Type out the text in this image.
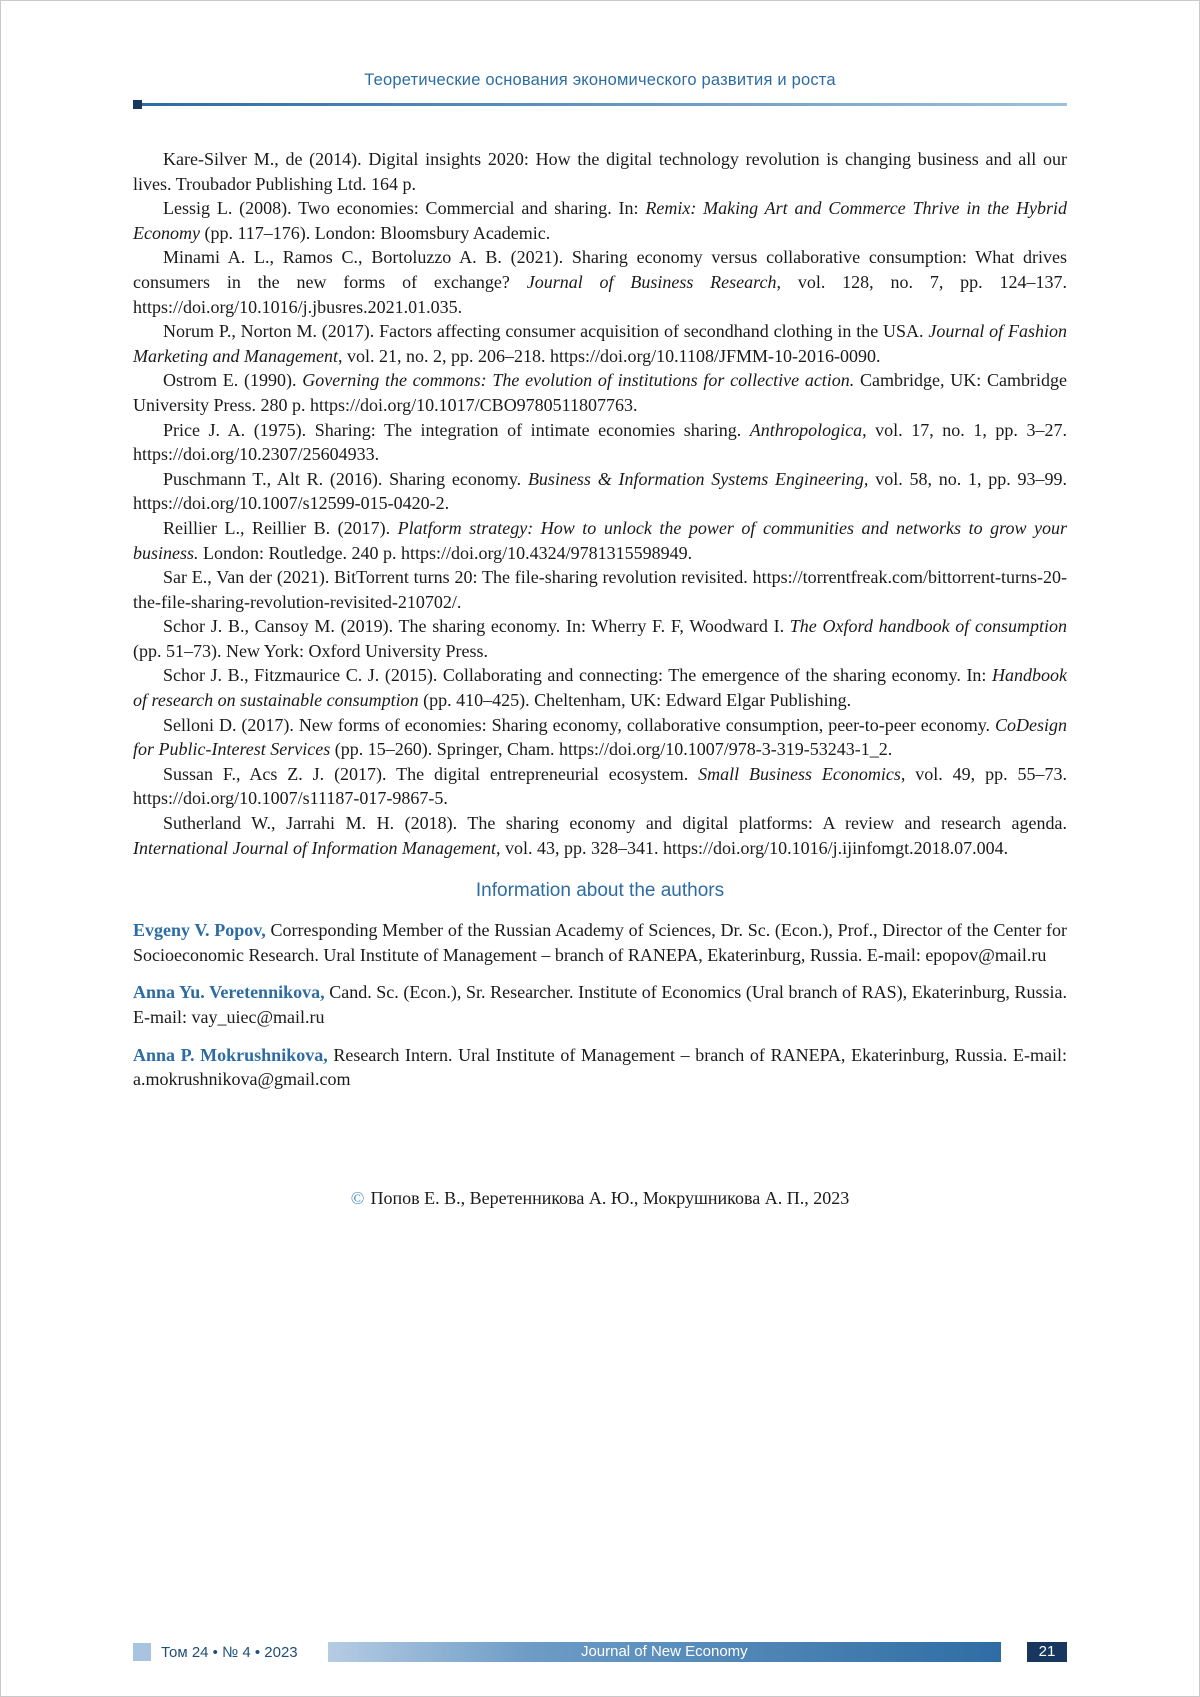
Теоретические основания экономического развития и роста

Kare-Silver M., de (2014). Digital insights 2020: How the digital technology revolution is changing business and all our lives. Troubador Publishing Ltd. 164 p.

Lessig L. (2008). Two economies: Commercial and sharing. In: Remix: Making Art and Commerce Thrive in the Hybrid Economy (pp. 117–176). London: Bloomsbury Academic.

Minami A. L., Ramos C., Bortoluzzo A. B. (2021). Sharing economy versus collaborative consumption: What drives consumers in the new forms of exchange? Journal of Business Research, vol. 128, no. 7, pp. 124–137. https://doi.org/10.1016/j.jbusres.2021.01.035.

Norum P., Norton M. (2017). Factors affecting consumer acquisition of secondhand clothing in the USA. Journal of Fashion Marketing and Management, vol. 21, no. 2, pp. 206–218. https://doi.org/10.1108/JFMM-10-2016-0090.

Ostrom E. (1990). Governing the commons: The evolution of institutions for collective action. Cambridge, UK: Cambridge University Press. 280 p. https://doi.org/10.1017/CBO9780511807763.

Price J. A. (1975). Sharing: The integration of intimate economies sharing. Anthropologica, vol. 17, no. 1, pp. 3–27. https://doi.org/10.2307/25604933.

Puschmann T., Alt R. (2016). Sharing economy. Business & Information Systems Engineering, vol. 58, no. 1, pp. 93–99. https://doi.org/10.1007/s12599-015-0420-2.

Reillier L., Reillier B. (2017). Platform strategy: How to unlock the power of communities and networks to grow your business. London: Routledge. 240 p. https://doi.org/10.4324/9781315598949.

Sar E., Van der (2021). BitTorrent turns 20: The file-sharing revolution revisited. https://torrentfreak.com/bittorrent-turns-20-the-file-sharing-revolution-revisited-210702/.

Schor J. B., Cansoy M. (2019). The sharing economy. In: Wherry F. F, Woodward I. The Oxford handbook of consumption (pp. 51–73). New York: Oxford University Press.

Schor J. B., Fitzmaurice C. J. (2015). Collaborating and connecting: The emergence of the sharing economy. In: Handbook of research on sustainable consumption (pp. 410–425). Cheltenham, UK: Edward Elgar Publishing.

Selloni D. (2017). New forms of economies: Sharing economy, collaborative consumption, peer-to-peer economy. CoDesign for Public-Interest Services (pp. 15–260). Springer, Cham. https://doi.org/10.1007/978-3-319-53243-1_2.

Sussan F., Acs Z. J. (2017). The digital entrepreneurial ecosystem. Small Business Economics, vol. 49, pp. 55–73. https://doi.org/10.1007/s11187-017-9867-5.

Sutherland W., Jarrahi M. H. (2018). The sharing economy and digital platforms: A review and research agenda. International Journal of Information Management, vol. 43, pp. 328–341. https://doi.org/10.1016/j.ijinfomgt.2018.07.004.

Information about the authors

Evgeny V. Popov, Corresponding Member of the Russian Academy of Sciences, Dr. Sc. (Econ.), Prof., Director of the Center for Socioeconomic Research. Ural Institute of Management – branch of RANEPA, Ekaterinburg, Russia. E-mail: epopov@mail.ru

Anna Yu. Veretennikova, Cand. Sc. (Econ.), Sr. Researcher. Institute of Economics (Ural branch of RAS), Ekaterinburg, Russia. E-mail: vay_uiec@mail.ru

Anna P. Mokrushnikova, Research Intern. Ural Institute of Management – branch of RANEPA, Ekaterinburg, Russia. E-mail: a.mokrushnikova@gmail.com

© Попов Е. В., Веретенникова А. Ю., Мокрушникова А. П., 2023
Том 24 • № 4 • 2023	Journal of New Economy	21
